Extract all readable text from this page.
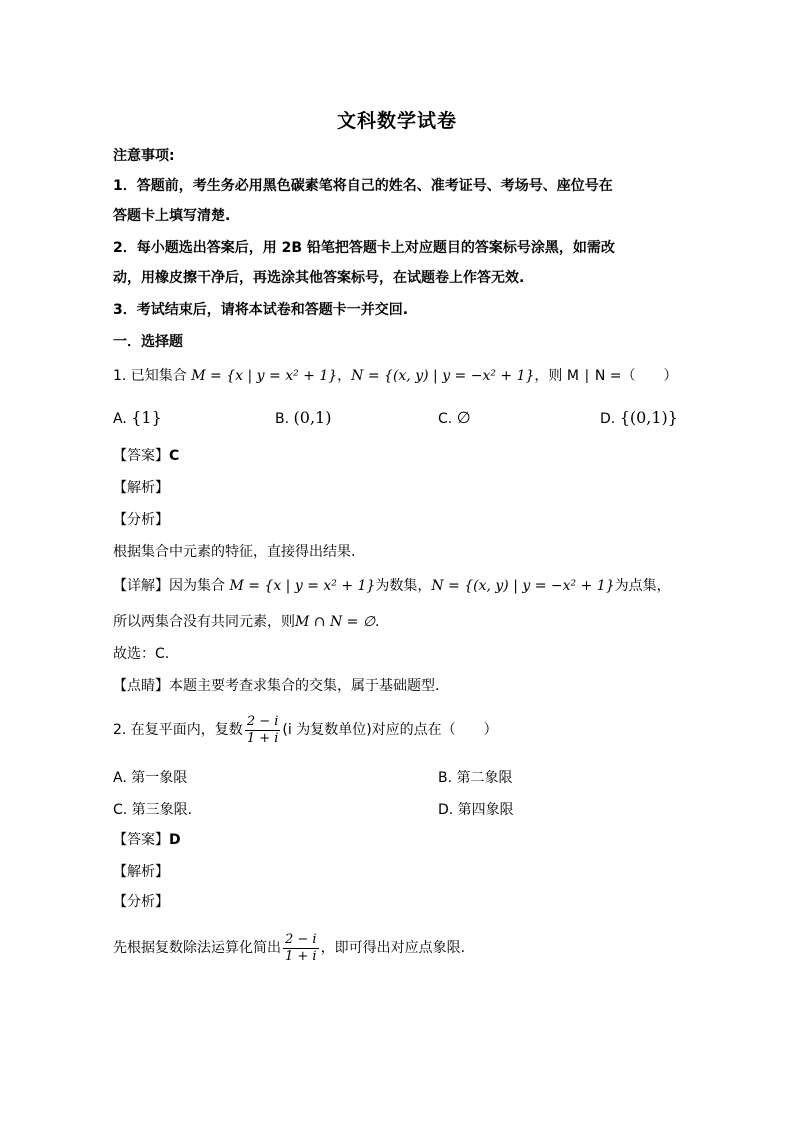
文科数学试卷
注意事项:
1．答题前，考生务必用黑色碳素笔将自己的姓名、准考证号、考场号、座位号在
答题卡上填写清楚.
2．每小题选出答案后，用 2B 铅笔把答题卡上对应题目的答案标号涂黑，如需改
动，用橡皮擦干净后，再选涂其他答案标号，在试题卷上作答无效.
3．考试结束后，请将本试卷和答题卡一并交回.
一．选择题
1. 已知集合 M = {x | y = x² + 1}，N = {(x, y) | y = −x² + 1}，则 M ∣ N =（　　）
A. {1}	B. (0,1)	C. ∅	D. {(0,1)}
【答案】C
【解析】
【分析】
根据集合中元素的特征，直接得出结果.
【详解】因为集合 M = {x | y = x² + 1}为数集，N = {(x, y) | y = −x² + 1}为点集，
所以两集合没有共同元素，则M ∩ N = ∅.
故选：C.
【点睛】本题主要考查求集合的交集，属于基础题型.
2. 在复平面内，复数 $\frac{2 - i}{1 + i} (i$ 为复数单位)对应的点在（　　）
A. 第一象限	B. 第二象限
C. 第三象限.	D. 第四象限
【答案】D
【解析】
【分析】
先根据复数除法运算化简出 $\frac{2 - i}{1 + i}$ ，即可得出对应点象限.
